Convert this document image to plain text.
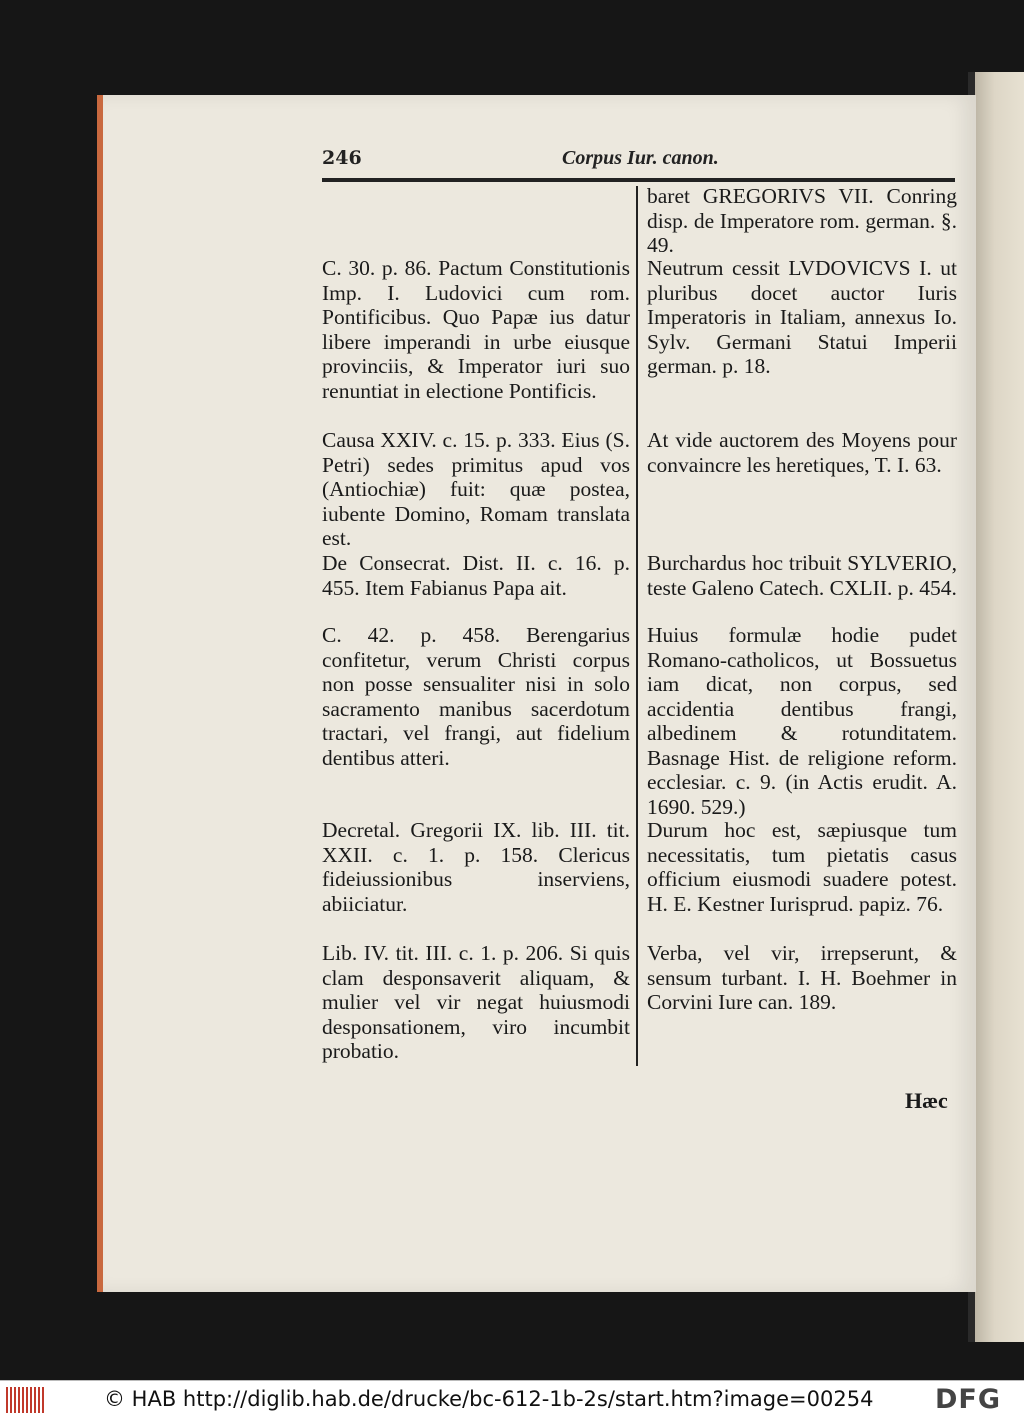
246	Corpus Iur. canon.

C. 30. p. 86. Pactum Constitutionis Imp. I. Ludovici cum rom. Pontificibus. Quo Papæ ius datur libere imperandi in urbe eiusque provinciis, & Imperator iuri suo renuntiat in electione Pontificis.

Causa XXIV. c. 15. p. 333. Eius (S. Petri) sedes primitus apud vos (Antiochiæ) fuit: quæ postea, iubente Domino, Romam translata est.

De Consecrat. Dist. II. c. 16. p. 455. Item Fabianus Papa ait.

C. 42. p. 458. Berengarius confitetur, verum Christi corpus non posse sensualiter nisi in solo sacramento manibus sacerdotum tractari, vel frangi, aut fidelium dentibus atteri.

Decretal. Gregorii IX. lib. III. tit. XXII. c. 1. p. 158. Clericus fideiussionibus inserviens, abiiciatur.

Lib. IV. tit. III. c. 1. p. 206. Si quis clam desponsaverit aliquam, & mulier vel vir negat huiusmodi desponsationem, viro incumbit probatio.

baret GREGORIVS VII. Conring disp. de Imperatore rom. german. §. 49.

Neutrum cessit LVDOVICVS I. ut pluribus docet auctor Iuris Imperatoris in Italiam, annexus Io. Sylv. Germani Statui Imperii german. p. 18.

At vide auctorem des Moyens pour convaincre les heretiques, T. I. 63.

Burchardus hoc tribuit SYLVERIO, teste Galeno Catech. CXLII. p. 454.

Huius formulæ hodie pudet Romano-catholicos, ut Bossuetus iam dicat, non corpus, sed accidentia dentibus frangi, albedinem & rotunditatem. Basnage Hist. de religione reform. ecclesiar. c. 9. (in Actis erudit. A. 1690. 529.)

Durum hoc est, sæpiusque tum necessitatis, tum pietatis casus officium eiusmodi suadere potest. H. E. Kestner Iurisprud. papiz. 76.

Verba, vel vir, irrepserunt, & sensum turbant. I. H. Boehmer in Corvini Iure can. 189.

Hæc
© HAB http://diglib.hab.de/drucke/bc-612-1b-2s/start.htm?image=00254 DFG
